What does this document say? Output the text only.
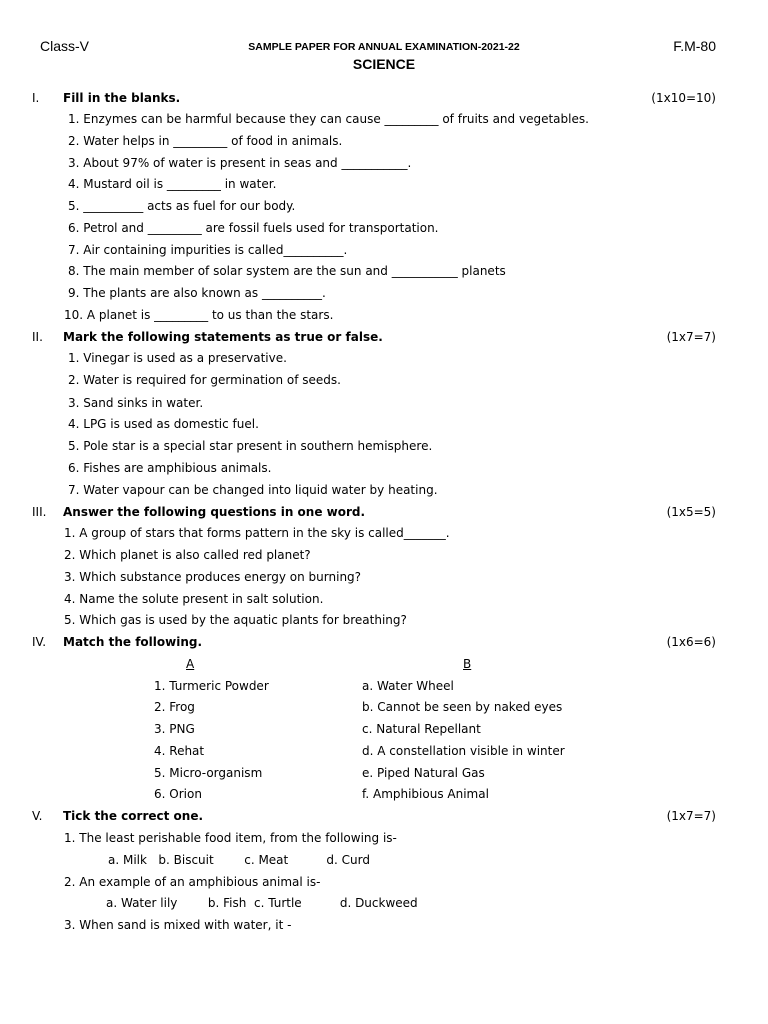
Class-V	SAMPLE PAPER FOR ANNUAL EXAMINATION-2021-22	F.M-80
SCIENCE
I. Fill in the blanks.	(1x10=10)
1. Enzymes can be harmful because they can cause _________ of fruits and vegetables.
2. Water helps in _________ of food in animals.
3. About 97% of water is present in seas and ___________.
4. Mustard oil is _________ in water.
5. __________ acts as fuel for our body.
6. Petrol and _________ are fossil fuels used for transportation.
7. Air containing impurities is called__________.
8. The main member of solar system are the sun and ___________ planets
9. The plants are also known as __________.
10. A planet is _________ to us than the stars.
II. Mark the following statements as true or false.	(1x7=7)
1. Vinegar is used as a preservative.
2. Water is required for germination of seeds.
3. Sand sinks in water.
4. LPG is used as domestic fuel.
5. Pole star is a special star present in southern hemisphere.
6. Fishes are amphibious animals.
7. Water vapour can be changed into liquid water by heating.
III. Answer the following questions in one word.	(1x5=5)
1. A group of stars that forms pattern in the sky is called_______.
2. Which planet is also called red planet?
3. Which substance produces energy on burning?
4. Name the solute present in salt solution.
5. Which gas is used by the aquatic plants for breathing?
IV. Match the following.	(1x6=6)
A	B
1. Turmeric Powder	a. Water Wheel
2. Frog	b. Cannot be seen by naked eyes
3. PNG	c. Natural Repellant
4. Rehat	d. A constellation visible in winter
5. Micro-organism	e. Piped Natural Gas
6. Orion	f. Amphibious Animal
V. Tick the correct one.	(1x7=7)
1. The least perishable food item, from the following is-
a. Milk   b. Biscuit        c. Meat          d. Curd
2. An example of an amphibious animal is-
a. Water lily        b. Fish  c. Turtle          d. Duckweed
3. When sand is mixed with water, it -
